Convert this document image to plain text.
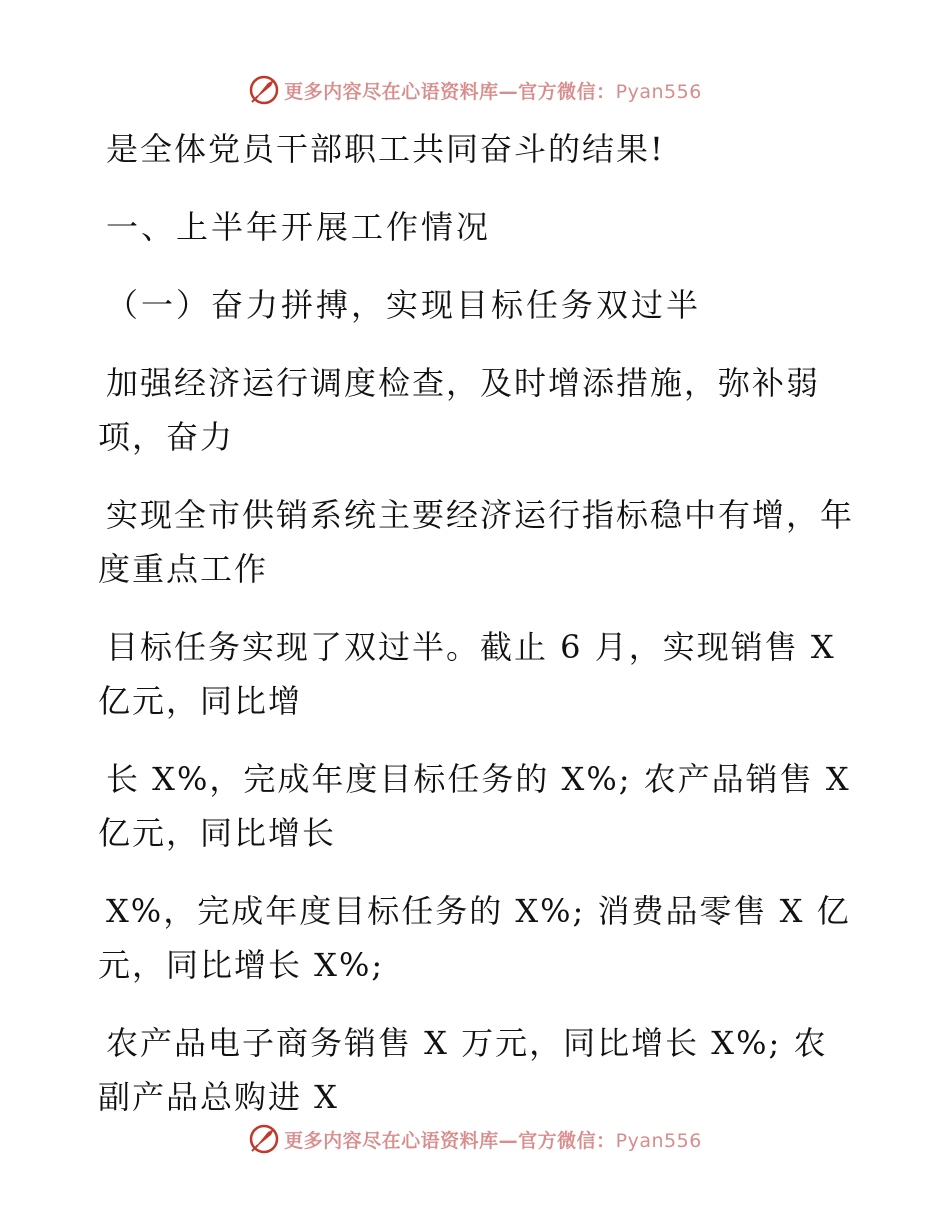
更多内容尽在心语资料库—官方微信：Pyan556

是全体党员干部职工共同奋斗的结果!

一、上半年开展工作情况

（一）奋力拼搏，实现目标任务双过半

加强经济运行调度检查，及时增添措施，弥补弱项，奋力

实现全市供销系统主要经济运行指标稳中有增，年度重点工作

目标任务实现了双过半。截止 6 月，实现销售 X 亿元，同比增

长 X%，完成年度目标任务的 X%; 农产品销售 X 亿元，同比增长

X%，完成年度目标任务的 X%; 消费品零售 X 亿元，同比增长 X%;

农产品电子商务销售 X 万元，同比增长 X%; 农副产品总购进 X

更多内容尽在心语资料库—官方微信：Pyan556
